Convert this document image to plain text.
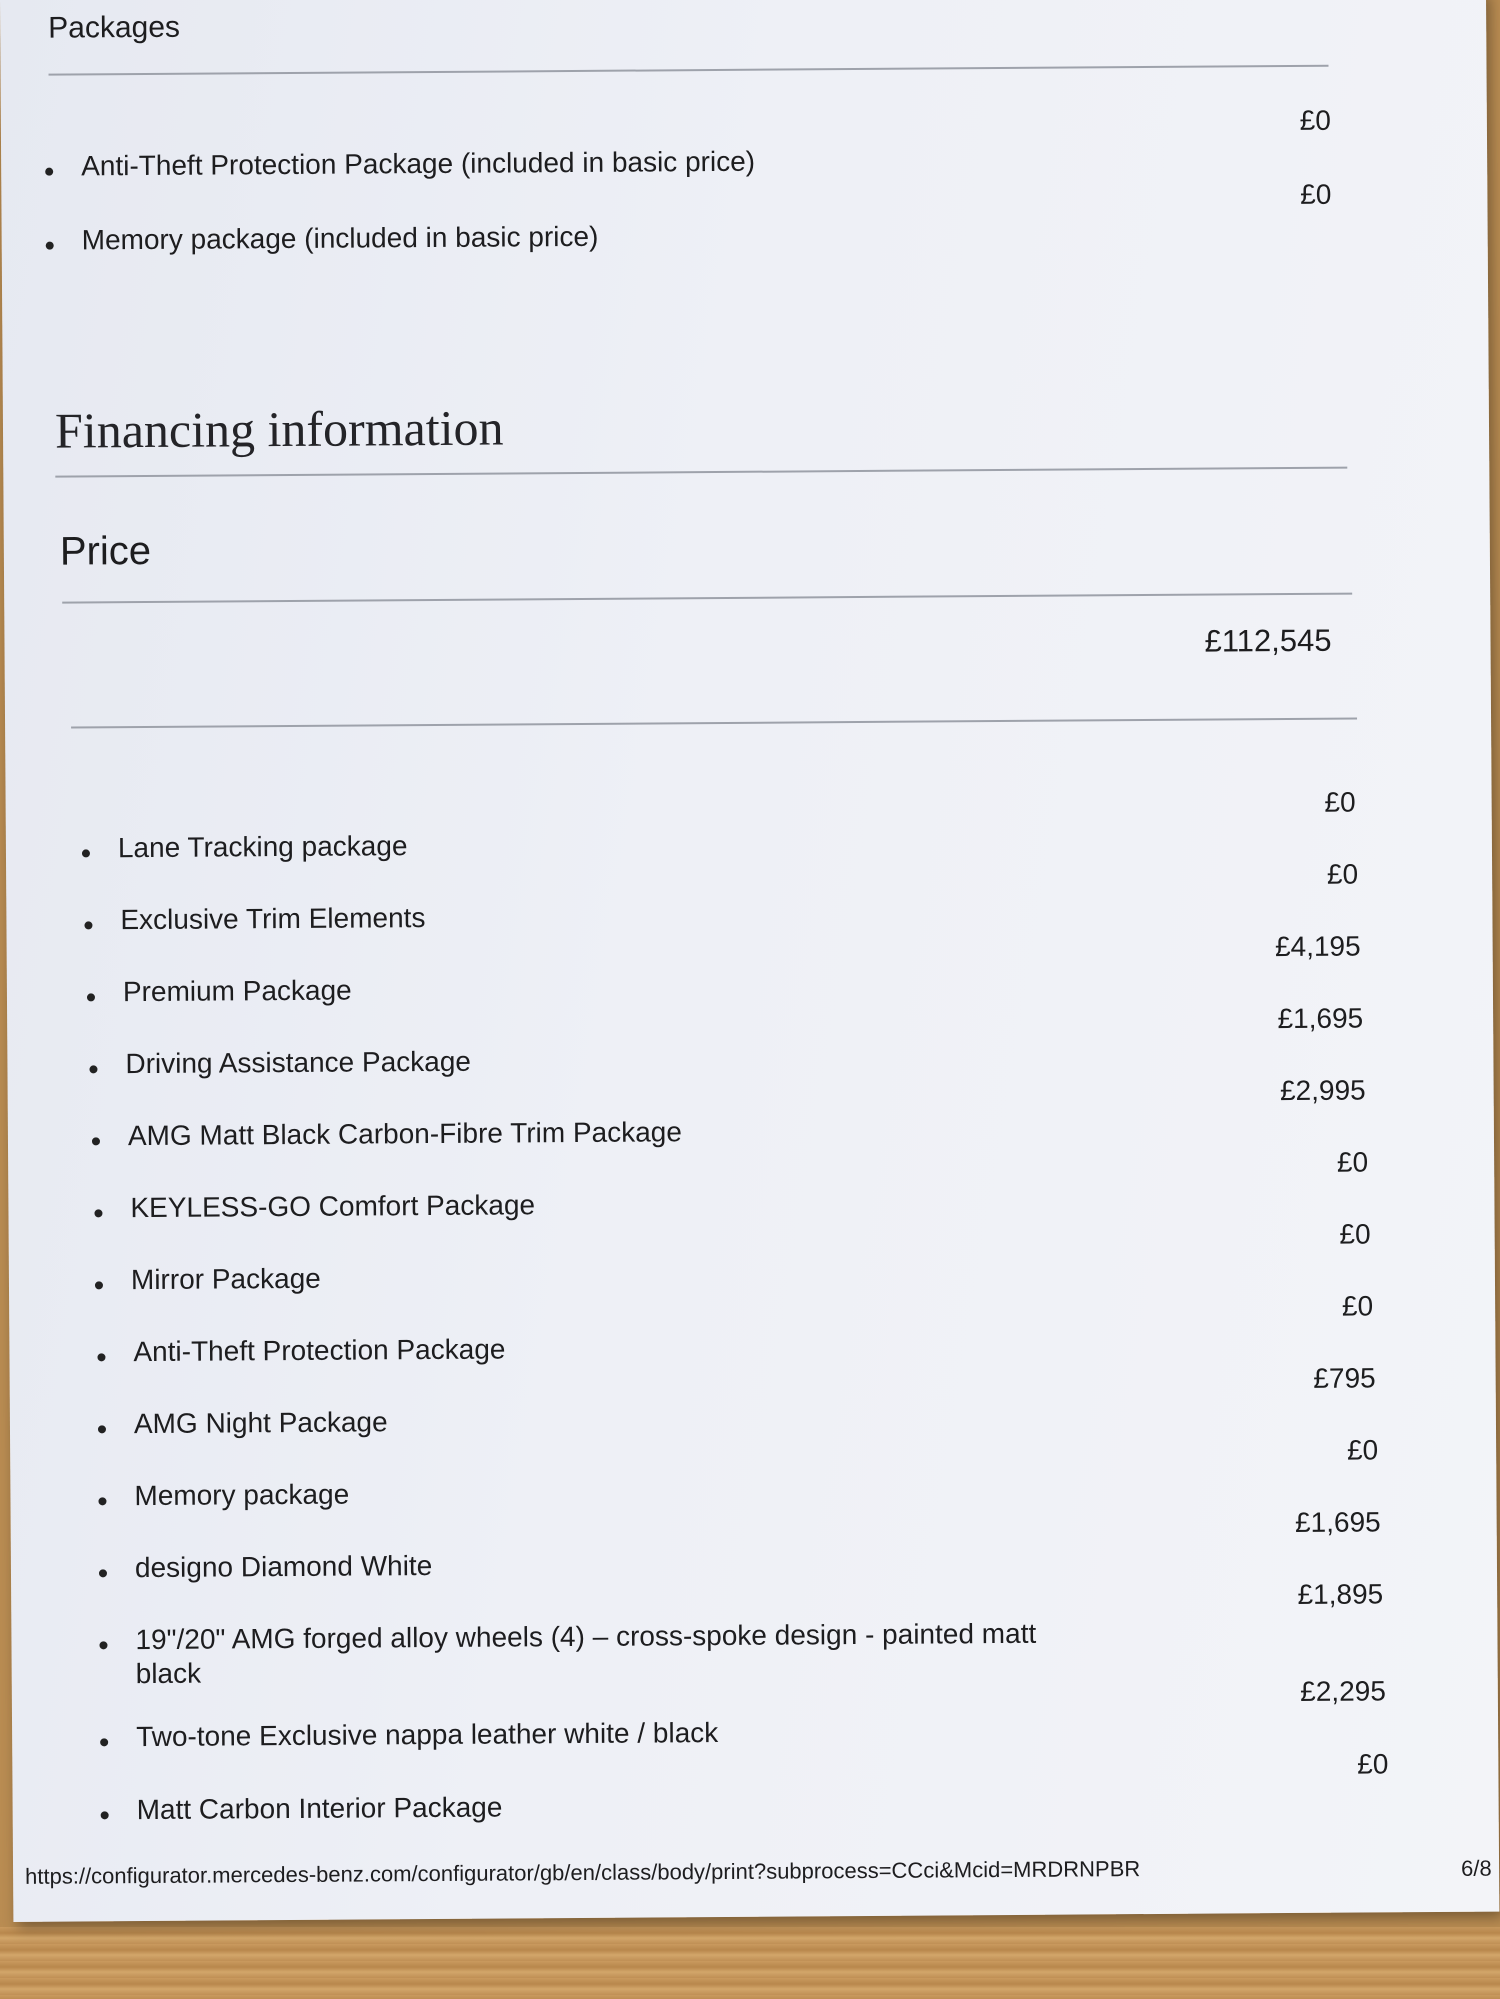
Packages
Anti-Theft Protection Package (included in basic price)
£0
Memory package (included in basic price)
£0
Financing information
Price
£112,545
Lane Tracking package
£0
Exclusive Trim Elements
£0
Premium Package
£4,195
Driving Assistance Package
£1,695
AMG Matt Black Carbon-Fibre Trim Package
£2,995
KEYLESS-GO Comfort Package
£0
Mirror Package
£0
Anti-Theft Protection Package
£0
AMG Night Package
£795
Memory package
£0
designo Diamond White
£1,695
19"/20" AMG forged alloy wheels (4) – cross-spoke design - painted matt
black
£1,895
Two-tone Exclusive nappa leather white / black
£2,295
Matt Carbon Interior Package
£0
https://configurator.mercedes-benz.com/configurator/gb/en/class/body/print?subprocess=CCci&Mcid=MRDRNPBR	6/8
